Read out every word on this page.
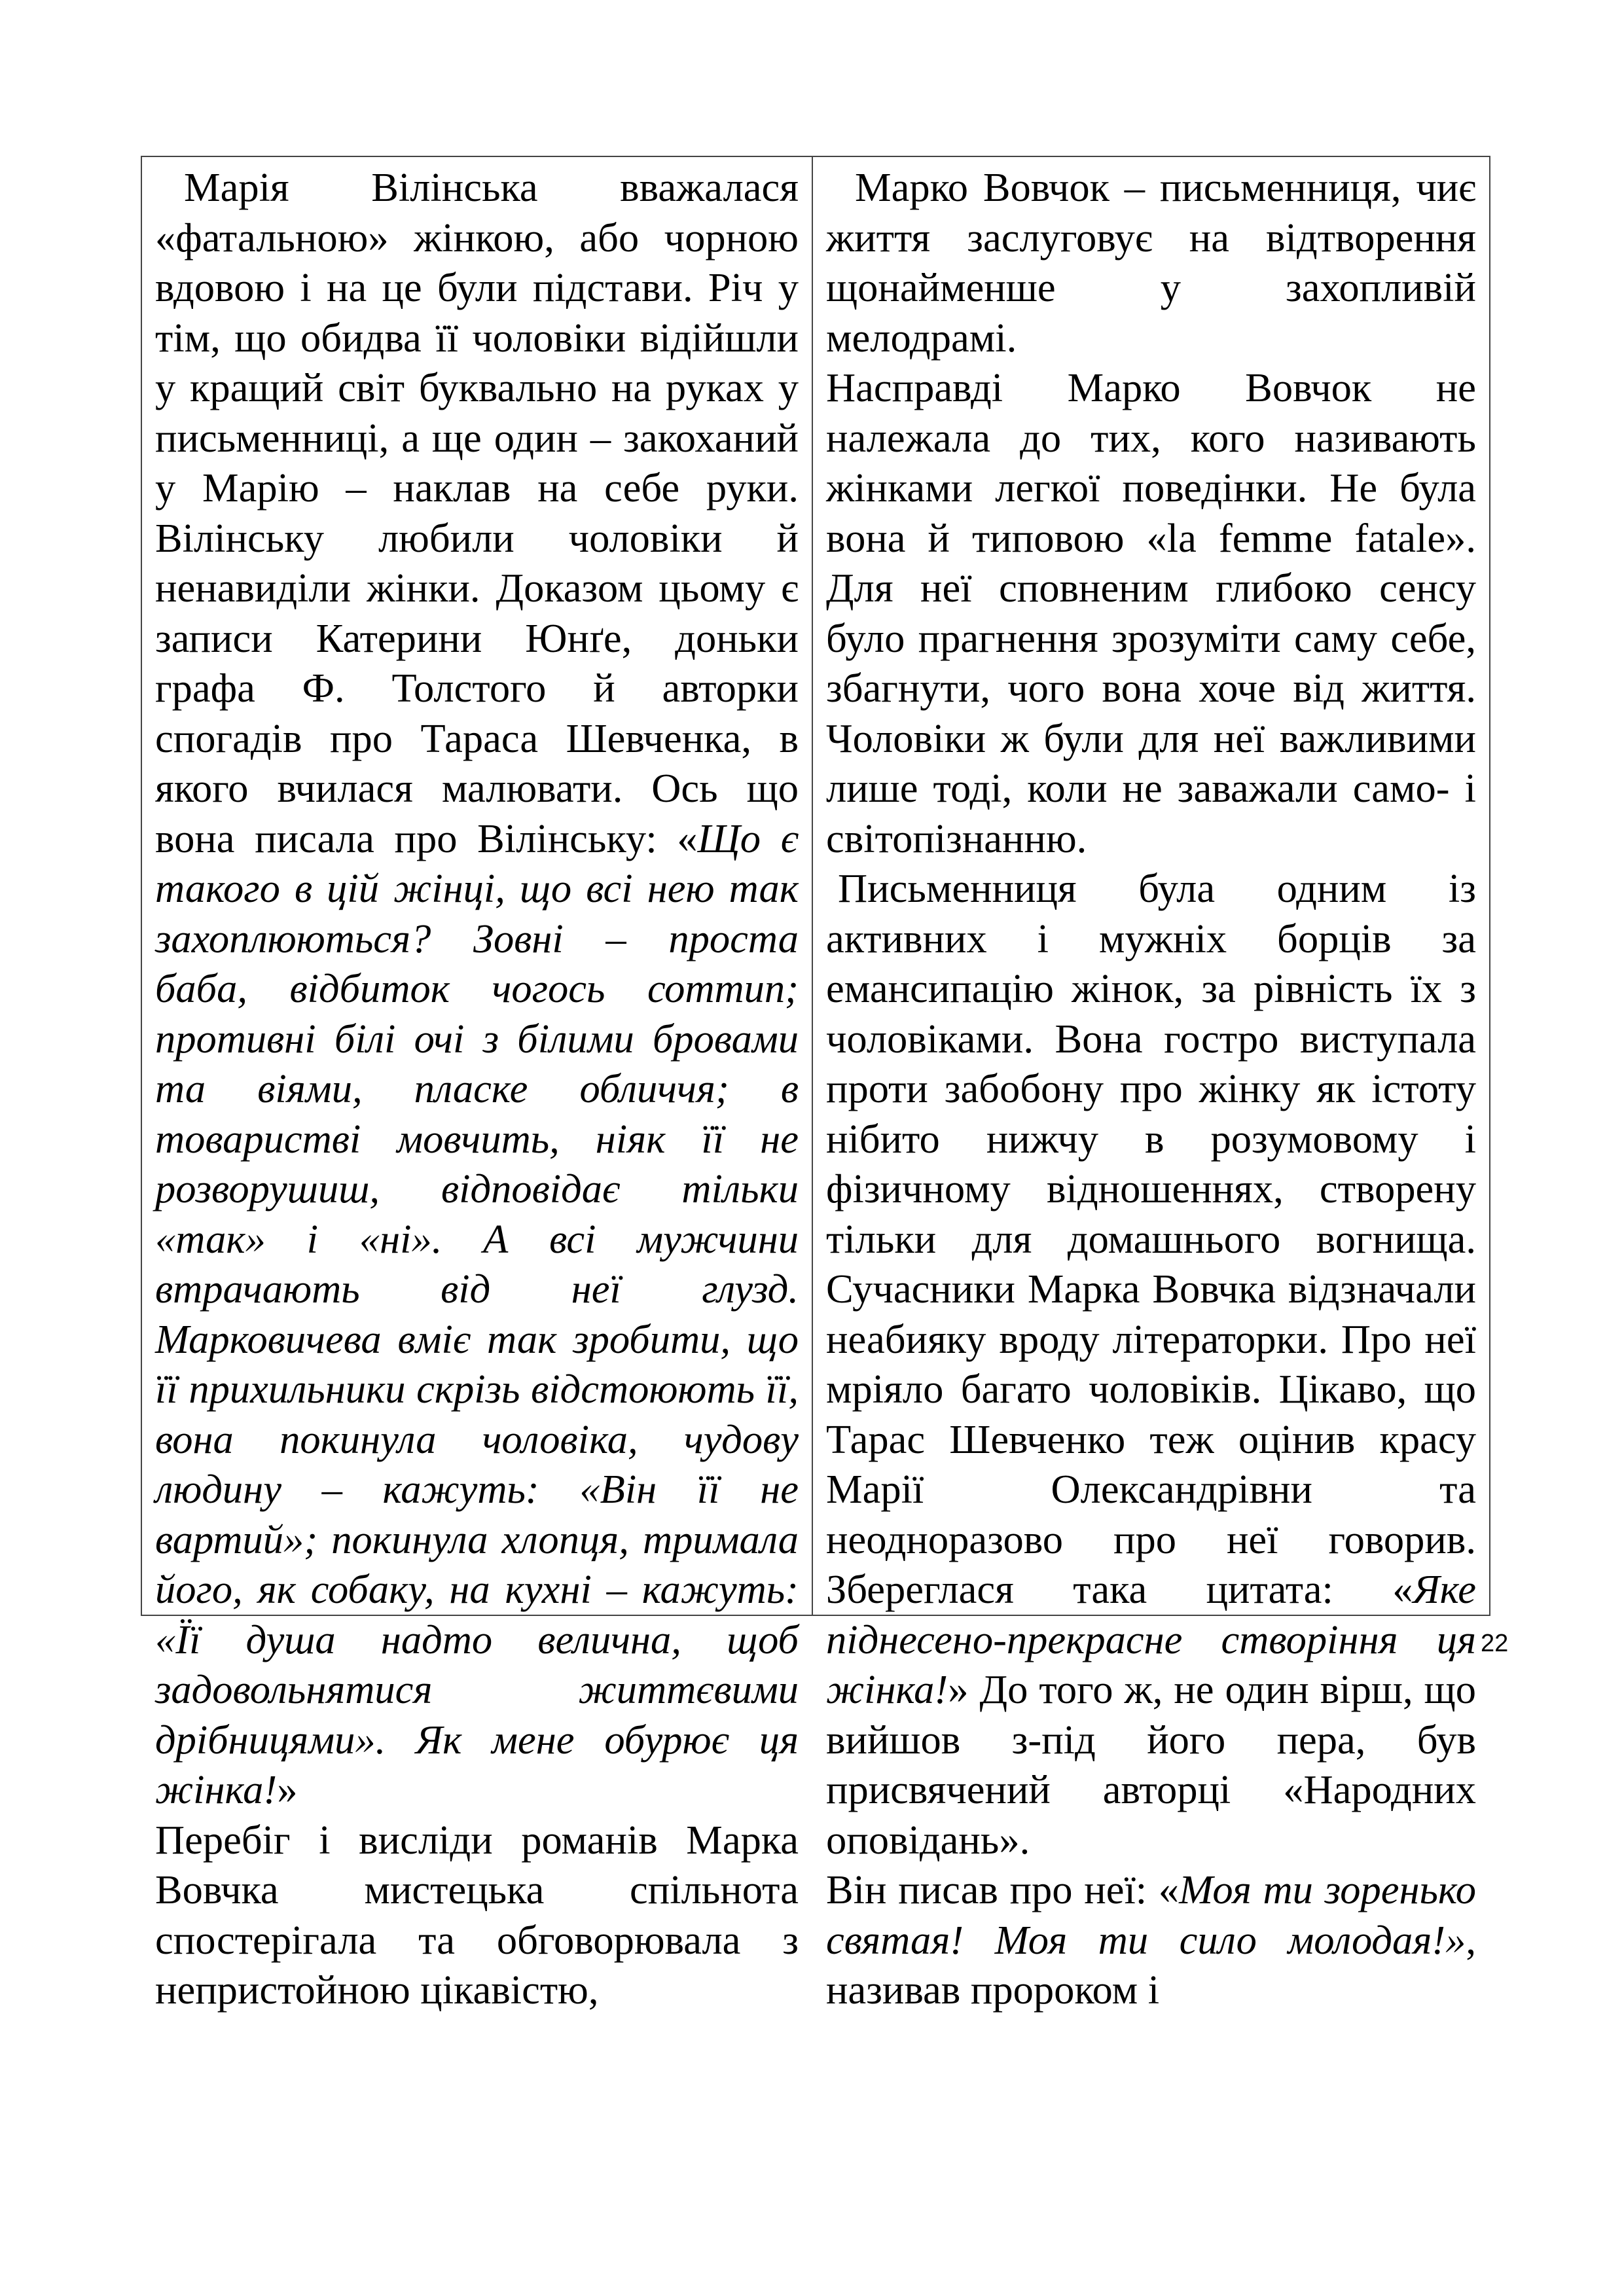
Марія Вілінська вважалася «фатальною» жінкою, або чорною вдовою і на це були підстави. Річ у тім, що обидва її чоловіки відійшли у кращий світ буквально на руках у письменниці, а ще один – закоханий у Марію – наклав на себе руки. Вілінську любили чоловіки й ненавиділи жінки. Доказом цьому є записи Катерини Юнґе, доньки графа Ф. Толстого й авторки спогадів про Тараса Шевченка, в якого вчилася малювати. Ось що вона писала про Вілінську: «Що є такого в цій жінці, що всі нею так захоплюються? Зовні – проста баба, відбиток чогось соттип; противні білі очі з білими бровами та віями, пласке обличчя; в товаристві мовчить, ніяк її не розворушиш, відповідає тільки «так» і «ні». А всі мужчини втрачають від неї глузд. Марковичева вміє так зробити, що її прихильники скрізь відстоюють її, вона покинула чоловіка, чудову людину – кажуть: «Він її не вартий»; покинула хлопця, тримала його, як собаку, на кухні – кажуть: «Її душа надто велична, щоб задовольнятися життєвими дрібницями». Як мене обурює ця жінка!»

Перебіг і висліди романів Марка Вовчка мистецька спільнота спостерігала та обговорювала з непристойною цікавістю,

Марко Вовчок – письменниця, чиє життя заслуговує на відтворення щонайменше у захопливій мелодрамі.

Насправді Марко Вовчок не належала до тих, кого називають жінками легкої поведінки. Не була вона й типовою «la femme fatale». Для неї сповненим глибоко сенсу було прагнення зрозуміти саму себе, збагнути, чого вона хоче від життя. Чоловіки ж були для неї важливими лише тоді, коли не заважали само- і світопізнанню.

Письменниця була одним із активних і мужніх борців за емансипацію жінок, за рівність їх з чоловіками. Вона гостро виступала проти забобону про жінку як істоту нібито нижчу в розумовому і фізичному відношеннях, створену тільки для домашнього вогнища. Сучасники Марка Вовчка відзначали неабияку вроду літераторки. Про неї мріяло багато чоловіків. Цікаво, що Тарас Шевченко теж оцінив красу Марії Олександрівни та неодноразово про неї говорив. Збереглася така цитата: «Яке піднесено-прекрасне створіння ця жінка!» До того ж, не один вірш, що вийшов з-під його пера, був присвячений авторці «Народних оповідань».

Він писав про неї: «Моя ти зоренько святая! Моя ти сило молодая!», називав пророком і

22
